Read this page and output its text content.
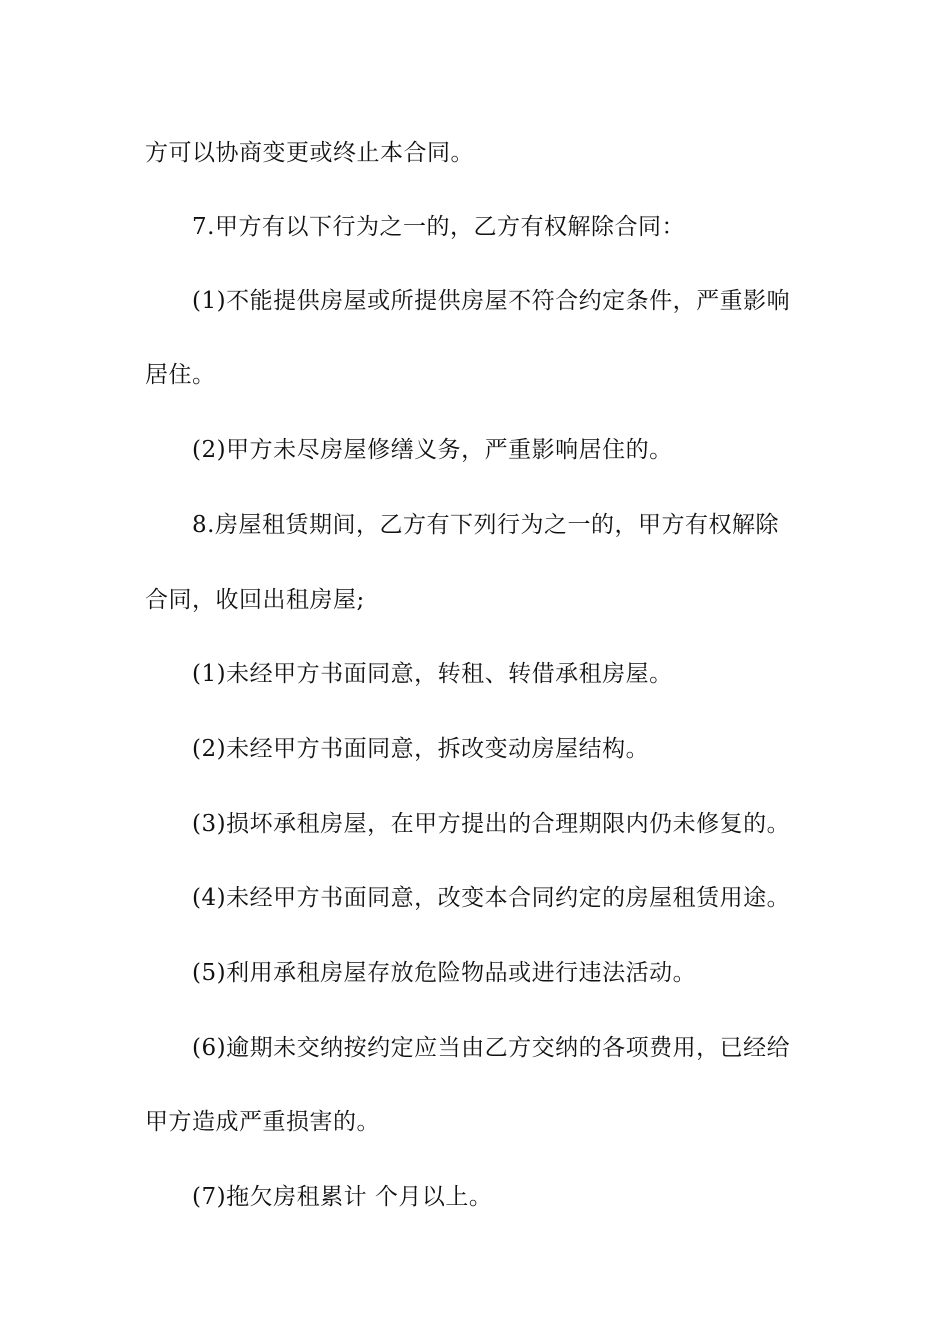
方可以协商变更或终止本合同。
7.甲方有以下行为之一的，乙方有权解除合同：
(1)不能提供房屋或所提供房屋不符合约定条件，严重影响
居住。
(2)甲方未尽房屋修缮义务，严重影响居住的。
8.房屋租赁期间，乙方有下列行为之一的，甲方有权解除
合同，收回出租房屋;
(1)未经甲方书面同意，转租、转借承租房屋。
(2)未经甲方书面同意，拆改变动房屋结构。
(3)损坏承租房屋，在甲方提出的合理期限内仍未修复的。
(4)未经甲方书面同意，改变本合同约定的房屋租赁用途。
(5)利用承租房屋存放危险物品或进行违法活动。
(6)逾期未交纳按约定应当由乙方交纳的各项费用，已经给
甲方造成严重损害的。
(7)拖欠房租累计 个月以上。
